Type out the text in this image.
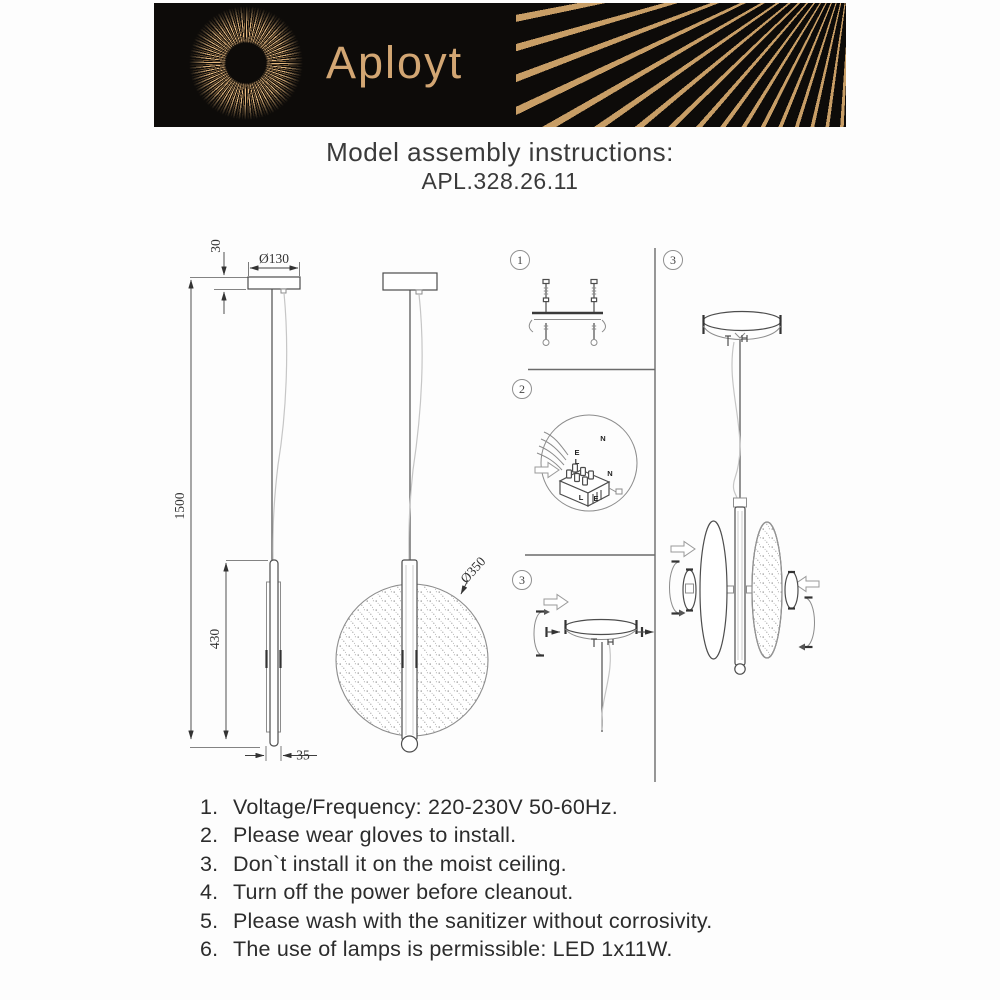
Aployt
Model assembly instructions:
APL.328.26.11
1500
30
Ø130
430
35
Ø350
1
2
N
E
L
N
L E
3
3
1. Voltage/Frequency: 220-230V 50-60Hz.
2. Please wear gloves to install.
3. Don`t install it on the moist ceiling.
4. Turn off the power before cleanout.
5. Please wash with the sanitizer without corrosivity.
6. The use of lamps is permissible: LED 1x11W.
